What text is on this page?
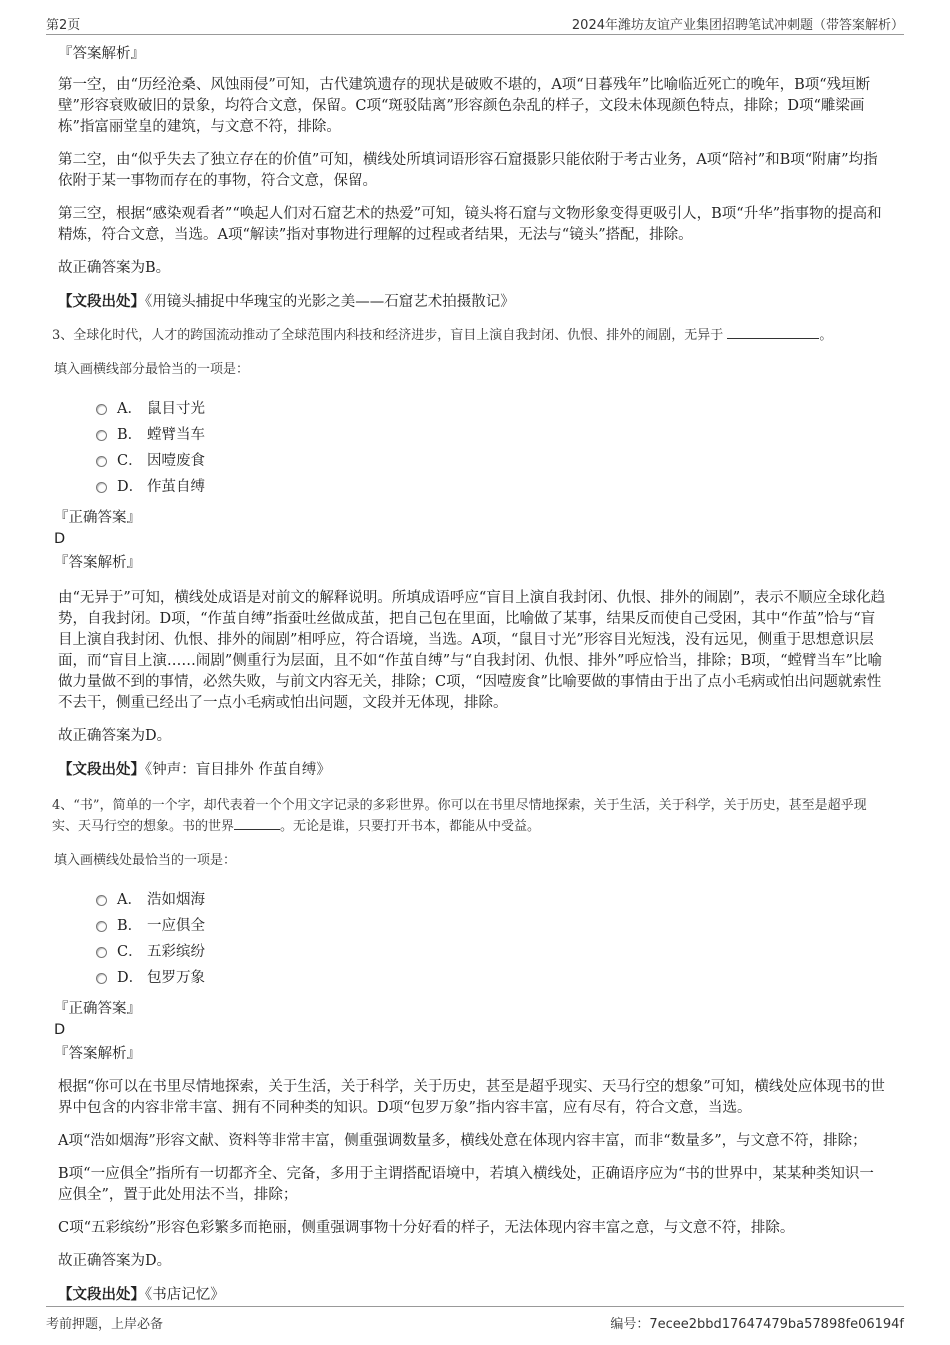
第2页	2024年潍坊友谊产业集团招聘笔试冲刺题（带答案解析）

『答案解析』

第一空，由“历经沧桑、风蚀雨侵”可知，古代建筑遗存的现状是破败不堪的，A项“日暮残年”比喻临近死亡的晚年，B项“残垣断壁”形容衰败破旧的景象，均符合文意，保留。C项“斑驳陆离”形容颜色杂乱的样子，文段未体现颜色特点，排除；D项“雕梁画栋”指富丽堂皇的建筑，与文意不符，排除。

第二空，由“似乎失去了独立存在的价值”可知，横线处所填词语形容石窟摄影只能依附于考古业务，A项“陪衬”和B项“附庸”均指依附于某一事物而存在的事物，符合文意，保留。

第三空，根据“感染观看者”“唤起人们对石窟艺术的热爱”可知，镜头将石窟与文物形象变得更吸引人，B项“升华”指事物的提高和精炼，符合文意，当选。A项“解读”指对事物进行理解的过程或者结果，无法与“镜头”搭配，排除。

故正确答案为B。

【文段出处】《用镜头捕捉中华瑰宝的光影之美——石窟艺术拍摄散记》

3、全球化时代，人才的跨国流动推动了全球范围内科技和经济进步，盲目上演自我封闭、仇恨、排外的闹剧，无异于	。

填入画横线部分最恰当的一项是：

A． 鼠目寸光
B． 螳臂当车
C． 因噎废食
D． 作茧自缚

『正确答案』

D

『答案解析』

由“无异于”可知，横线处成语是对前文的解释说明。所填成语呼应“盲目上演自我封闭、仇恨、排外的闹剧”，表示不顺应全球化趋势，自我封闭。D项，“作茧自缚”指蚕吐丝做成茧，把自己包在里面，比喻做了某事，结果反而使自己受困，其中“作茧”恰与“盲目上演自我封闭、仇恨、排外的闹剧”相呼应，符合语境，当选。A项，“鼠目寸光”形容目光短浅，没有远见，侧重于思想意识层面，而“盲目上演……闹剧”侧重行为层面，且不如“作茧自缚”与“自我封闭、仇恨、排外”呼应恰当，排除；B项，“螳臂当车”比喻做力量做不到的事情，必然失败，与前文内容无关，排除；C项，“因噎废食”比喻要做的事情由于出了点小毛病或怕出问题就索性不去干，侧重已经出了一点小毛病或怕出问题，文段并无体现，排除。

故正确答案为D。

【文段出处】《钟声：盲目排外 作茧自缚》

4、“书”，简单的一个字，却代表着一个个用文字记录的多彩世界。你可以在书里尽情地探索，关于生活，关于科学，关于历史，甚至是超乎现实、天马行空的想象。书的世界	。无论是谁，只要打开书本，都能从中受益。

填入画横线处最恰当的一项是：

A． 浩如烟海
B． 一应俱全
C． 五彩缤纷
D． 包罗万象

『正确答案』

D

『答案解析』

根据“你可以在书里尽情地探索，关于生活，关于科学，关于历史，甚至是超乎现实、天马行空的想象”可知，横线处应体现书的世界中包含的内容非常丰富、拥有不同种类的知识。D项“包罗万象”指内容丰富，应有尽有，符合文意，当选。

A项“浩如烟海”形容文献、资料等非常丰富，侧重强调数量多，横线处意在体现内容丰富，而非“数量多”，与文意不符，排除；

B项“一应俱全”指所有一切都齐全、完备，多用于主谓搭配语境中，若填入横线处，正确语序应为“书的世界中，某某种类知识一应俱全”，置于此处用法不当，排除；

C项“五彩缤纷”形容色彩繁多而艳丽，侧重强调事物十分好看的样子，无法体现内容丰富之意，与文意不符，排除。

故正确答案为D。

【文段出处】《书店记忆》

考前押题，上岸必备	编号：7ecee2bbd17647479ba57898fe06194f
